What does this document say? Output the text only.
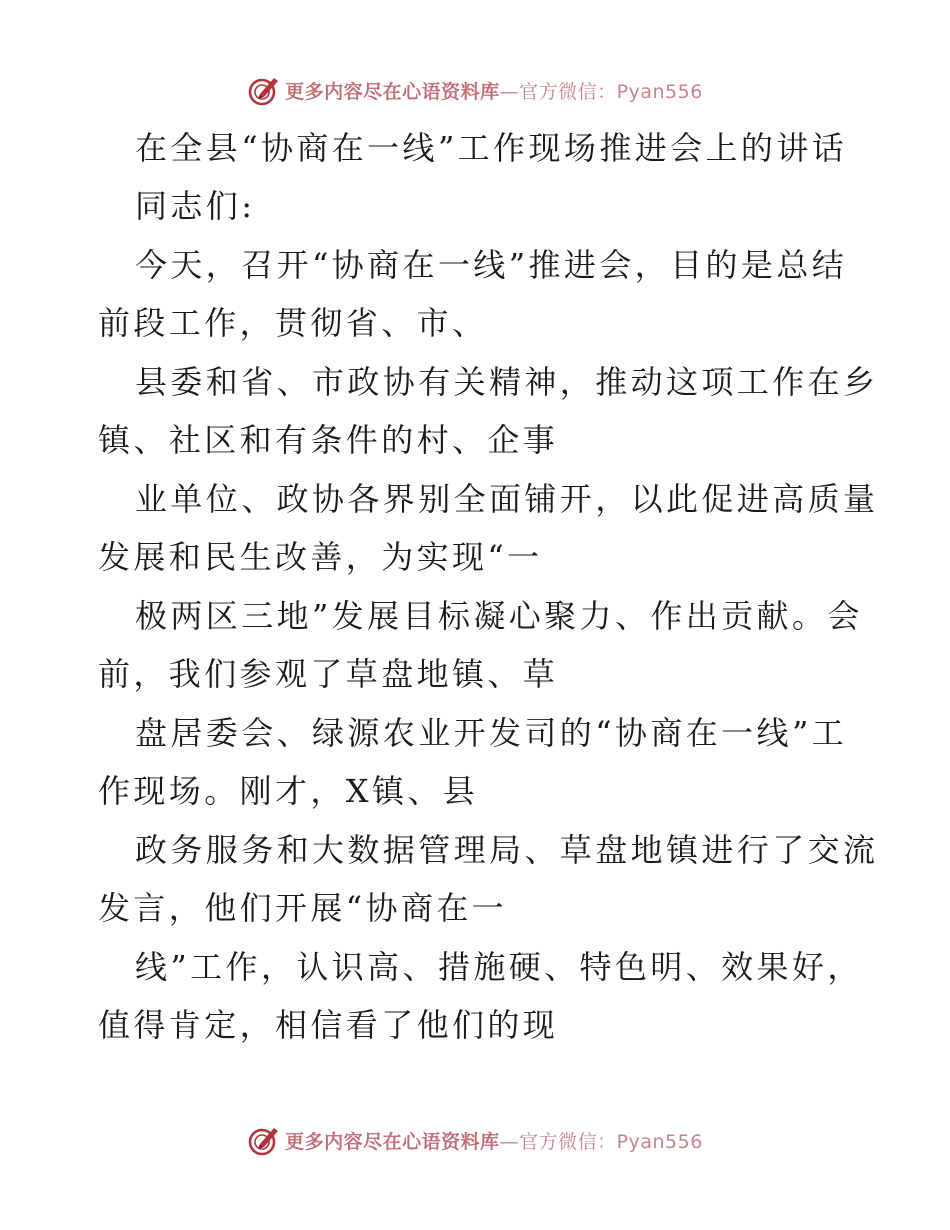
更多内容尽在心语资料库—官方微信：Pyan556
在全县“协商在一线”工作现场推进会上的讲话
同志们:
今天，召开“协商在一线”推进会，目的是总结
前段工作，贯彻省、市、
县委和省、市政协有关精神，推动这项工作在乡
镇、社区和有条件的村、企事
业单位、政协各界别全面铺开，以此促进高质量
发展和民生改善，为实现“一
极两区三地”发展目标凝心聚力、作出贡献。会
前，我们参观了草盘地镇、草
盘居委会、绿源农业开发司的“协商在一线”工
作现场。刚才，X镇、县
政务服务和大数据管理局、草盘地镇进行了交流
发言，他们开展“协商在一
线”工作，认识高、措施硬、特色明、效果好，
值得肯定，相信看了他们的现
更多内容尽在心语资料库—官方微信：Pyan556
